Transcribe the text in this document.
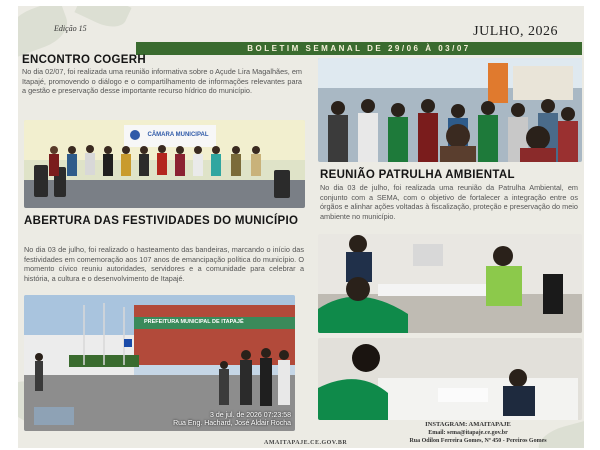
Edição 15	JULHO, 2026
BOLETIM SEMANAL DE 29/06 À 03/07
ENCONTRO COGERH
No dia 02/07, foi realizada uma reunião informativa sobre o Açude Lira Magalhães, em Itapajé, promovendo o diálogo e o compartilhamento de informações relevantes para a gestão e preservação desse importante recurso hídrico do município.
CÂMARA MUNICIPAL
REUNIÃO PATRULHA AMBIENTAL
No dia 03 de julho, foi realizada uma reunião da Patrulha Ambiental, em conjunto com a SEMA, com o objetivo de fortalecer a integração entre os órgãos e alinhar ações voltadas à fiscalização, proteção e preservação do meio ambiente no município.
ABERTURA DAS FESTIVIDADES DO MUNICÍPIO
No dia 03 de julho, foi realizado o hasteamento das bandeiras, marcando o início das festividades em comemoração aos 107 anos de emancipação política do município. O momento cívico reuniu autoridades, servidores e a comunidade para celebrar a história, a cultura e o desenvolvimento de Itapajé.
PREFEITURA MUNICIPAL DE ITAPAJÉ
3 de jul. de 2026 07:23:58
Rua Eng. Hachard, José Aldair Rocha	INSTAGRAM: AMAITAPAJE
Email: sema@itapaje.ce.gov.br
Rua Odilon Ferreira Gomes, Nº 450 - Pereiros Gomes
AMAITAPAJE.CE.GOV.BR
